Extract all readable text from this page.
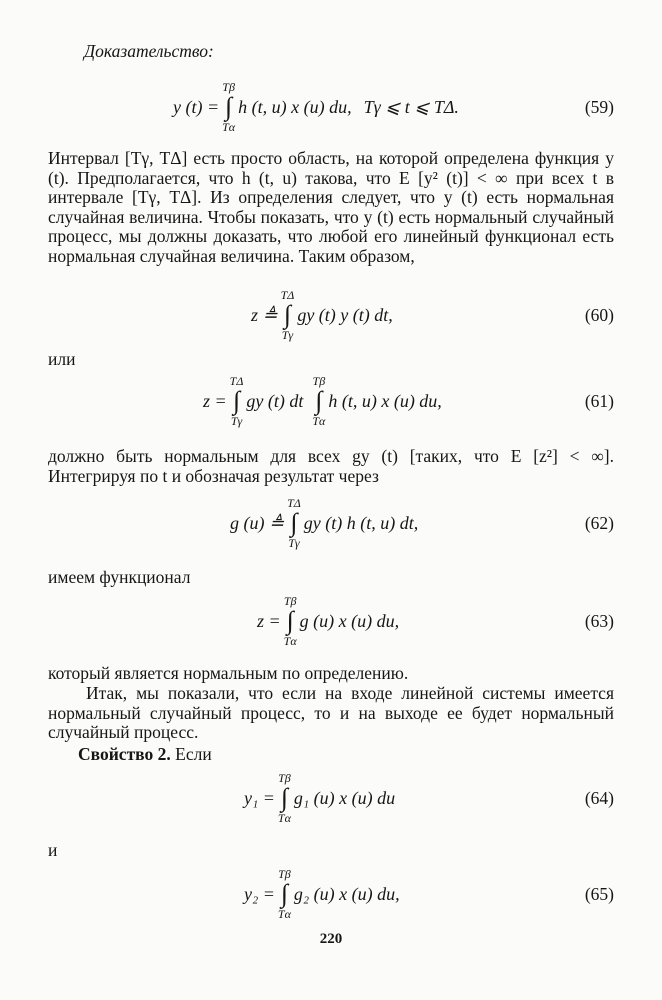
Доказательство:

y (t) =
Tβ
∫
Tα
h (t, u) x (u) du, Tγ ⩽ t ⩽ TΔ.	(59)

Интервал [Tγ, TΔ] есть просто область, на которой определена функция y (t). Предполагается, что h (t, u) такова, что E [y² (t)] < ∞ при всех t в интервале [Tγ, TΔ]. Из определения следует, что y (t) есть нормальная случайная величина. Чтобы показать, что y (t) есть нормальный случайный процесс, мы должны доказать, что любой его линейный функционал есть нормальная случайная величина. Таким образом,

z ≜
TΔ
∫
Tγ
gy (t) y (t) dt,	(60)

или

z =
TΔ
∫
Tγ
gy (t) dt
Tβ
∫
Tα
h (t, u) x (u) du,	(61)

должно быть нормальным для всех gy (t) [таких, что E [z²] < ∞]. Интегрируя по t и обозначая результат через

g (u) ≜
TΔ
∫
Tγ
gy (t) h (t, u) dt,	(62)

имеем функционал

z =
Tβ
∫
Tα
g (u) x (u) du,	(63)

который является нормальным по определению.

Итак, мы показали, что если на входе линейной системы имеется нормальный случайный процесс, то и на выходе ее будет нормальный случайный процесс.

Свойство 2. Если

y₁ =
Tβ
∫
Tα
g₁ (u) x (u) du	(64)

и

y₂ =
Tβ
∫
Tα
g₂ (u) x (u) du,	(65)
220
